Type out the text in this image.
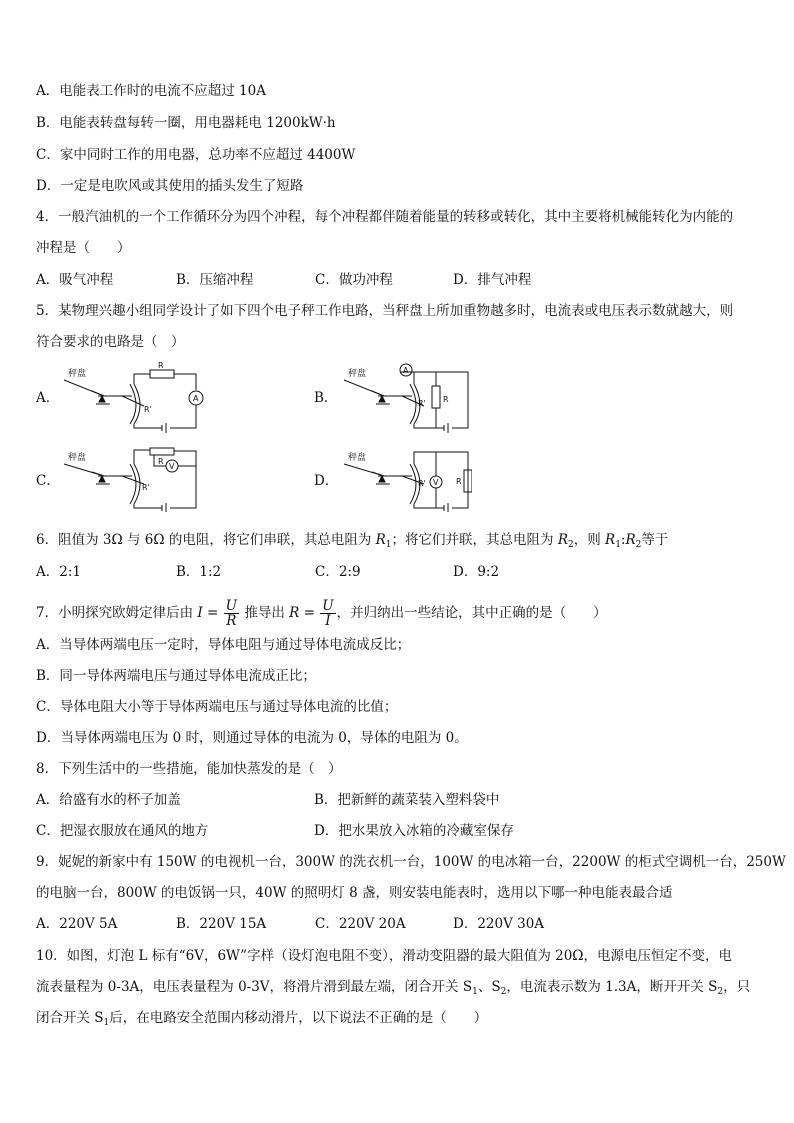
A．电能表工作时的电流不应超过 10A
B．电能表转盘每转一圈，用电器耗电 1200kW·h
C．家中同时工作的用电器，总功率不应超过 4400W
D．一定是电吹风或其使用的插头发生了短路
4．一般汽油机的一个工作循环分为四个冲程，每个冲程都伴随着能量的转移或转化，其中主要将机械能转化为内能的
冲程是（　　）
A．吸气冲程	B．压缩冲程	C．做功冲程	D．排气冲程
5．某物理兴趣小组同学设计了如下四个电子秤工作电路，当秤盘上所加重物越多时，电流表或电压表示数就越大，则
符合要求的电路是（　）
A．	B．
C．	D．
秤盘
R
R'
A
秤盘
R
R'
A
秤盘	R
R'
V
秤盘
R
R' V
6．阻值为 3Ω 与 6Ω 的电阻，将它们串联，其总电阻为 $R_1$；将它们并联，其总电阻为 $R_2$，则 $R_1:R_2$等于
A．2:1	B．1:2	C．2:9	D．9:2
7．小明探究欧姆定律后由 $I = \frac{U}{R}$ 推导出 $R = \frac{U}{I}$ ，并归纳出一些结论，其中正确的是（　　）
A．当导体两端电压一定时，导体电阻与通过导体电流成反比；
B．同一导体两端电压与通过导体电流成正比；
C．导体电阻大小等于导体两端电压与通过导体电流的比值；
D．当导体两端电压为 0 时，则通过导体的电流为 0，导体的电阻为 0。
8．下列生活中的一些措施，能加快蒸发的是（　）
A．给盛有水的杯子加盖	B．把新鲜的蔬菜装入塑料袋中
C．把湿衣服放在通风的地方	D．把水果放入冰箱的冷藏室保存
9．妮妮的新家中有 150W 的电视机一台，300W 的洗衣机一台，100W 的电冰箱一台，2200W 的柜式空调机一台，250W
的电脑一台，800W 的电饭锅一只，40W 的照明灯 8 盏，则安装电能表时，选用以下哪一种电能表最合适
A．220V 5A	B．220V 15A	C．220V 20A	D．220V 30A
10．如图，灯泡 L 标有“6V，6W”字样（设灯泡电阻不变），滑动变阻器的最大阻值为 20Ω，电源电压恒定不变，电
流表量程为 0-3A，电压表量程为 0-3V，将滑片滑到最左端，闭合开关 $S_1$、$S_2$，电流表示数为 1.3A，断开开关 $S_2$，只
闭合开关 $S_1$后，在电路安全范围内移动滑片，以下说法不正确的是（　　）
